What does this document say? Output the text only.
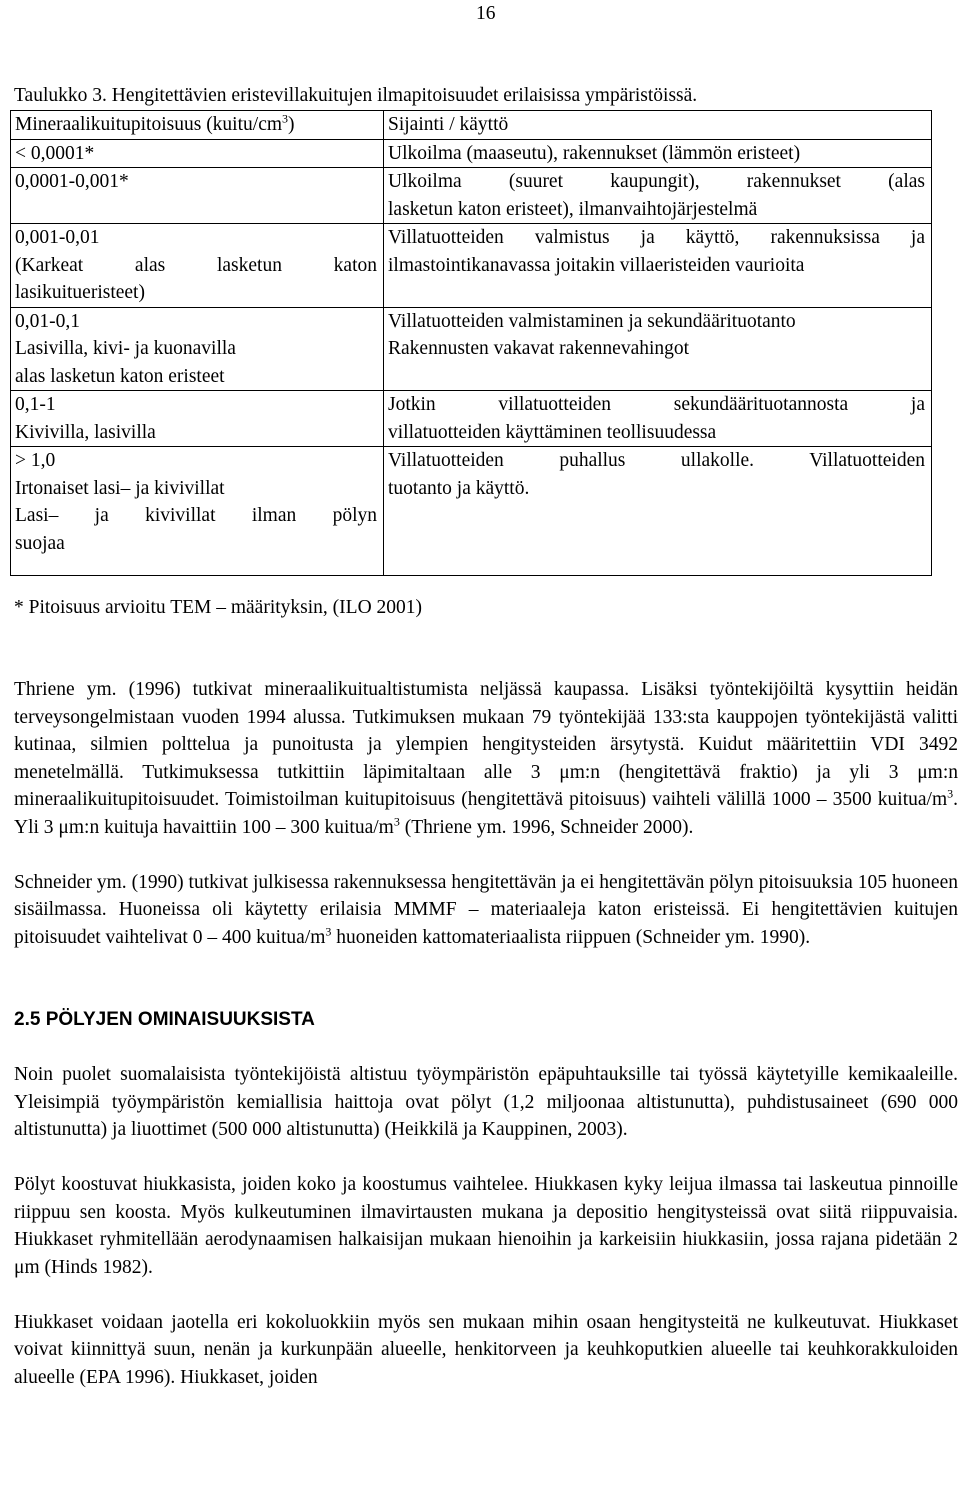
16
Taulukko 3. Hengitettävien eristevillakuitujen ilmapitoisuudet erilaisissa ympäristöissä.
Mineraalikuitupitoisuus $(kuitu/cm^3)$	Sijainti / käyttö

< 0,0001*	Ulkoilma (maaseutu), rakennukset (lämmön eristeet)

0,0001-0,001*	Ulkoilma (suuret kaupungit), rakennukset (alas
lasketun katon eristeet), ilmanvaihtojärjestelmä

0,001-0,01
(Karkeat alas lasketun katon
lasikuitueristeet)	Villatuotteiden valmistus ja käyttö, rakennuksissa ja
ilmastointikanavassa joitakin villaeristeiden vaurioita

0,01-0,1
Lasivilla, kivi- ja kuonavilla
alas lasketun katon eristeet	Villatuotteiden valmistaminen ja sekundäärituotanto
Rakennusten vakavat rakennevahingot

0,1-1
Kivivilla, lasivilla	Jotkin villatuotteiden sekundäärituotannosta ja
villatuotteiden käyttäminen teollisuudessa

> 1,0
Irtonaiset lasi– ja kivivillat
Lasi– ja kivivillat ilman pölyn
suojaa	Villatuotteiden puhallus ullakolle. Villatuotteiden
tuotanto ja käyttö.
* Pitoisuus arvioitu TEM – määrityksin, (ILO 2001)

Thriene ym. (1996) tutkivat mineraalikuitualtistumista neljässä kaupassa. Lisäksi työntekijöiltä kysyttiin heidän terveysongelmistaan vuoden 1994 alussa. Tutkimuksen mukaan 79 työntekijää 133:sta kauppojen työntekijästä valitti kutinaa, silmien polttelua ja punoitusta ja ylempien hengitysteiden ärsytystä. Kuidut määritettiin VDI 3492 menetelmällä. Tutkimuksessa tutkittiin läpimitaltaan alle 3 μm:n (hengitettävä fraktio) ja yli 3 μm:n mineraalikuitupitoisuudet. Toimistoilman kuitupitoisuus (hengitettävä pitoisuus) vaihteli välillä 1000 – 3500 kuitua/$m^3$. Yli 3 μm:n kuituja havaittiin 100 – 300 kuitua/$m^3$ (Thriene ym. 1996, Schneider 2000).

Schneider ym. (1990) tutkivat julkisessa rakennuksessa hengitettävän ja ei hengitettävän pölyn pitoisuuksia 105 huoneen sisäilmassa. Huoneissa oli käytetty erilaisia MMMF – materiaaleja katon eristeissä. Ei hengitettävien kuitujen pitoisuudet vaihtelivat 0 – 400 kuitua/$m^3$ huoneiden kattomateriaalista riippuen (Schneider ym. 1990).

2.5 PÖLYJEN OMINAISUUKSISTA

Noin puolet suomalaisista työntekijöistä altistuu työympäristön epäpuhtauksille tai työssä käytetyille kemikaaleille. Yleisimpiä työympäristön kemiallisia haittoja ovat pölyt (1,2 miljoonaa altistunutta), puhdistusaineet (690 000 altistunutta) ja liuottimet (500 000 altistunutta) (Heikkilä ja Kauppinen, 2003).

Pölyt koostuvat hiukkasista, joiden koko ja koostumus vaihtelee. Hiukkasen kyky leijua ilmassa tai laskeutua pinnoille riippuu sen koosta. Myös kulkeutuminen ilmavirtausten mukana ja depositio hengitysteissä ovat siitä riippuvaisia. Hiukkaset ryhmitellään aerodynaamisen halkaisijan mukaan hienoihin ja karkeisiin hiukkasiin, jossa rajana pidetään 2 μm (Hinds 1982).

Hiukkaset voidaan jaotella eri kokoluokkiin myös sen mukaan mihin osaan hengitysteitä ne kulkeutuvat. Hiukkaset voivat kiinnittyä suun, nenän ja kurkunpään alueelle, henkitorveen ja keuhkoputkien alueelle tai keuhkorakkuloiden alueelle (EPA 1996). Hiukkaset, joiden
